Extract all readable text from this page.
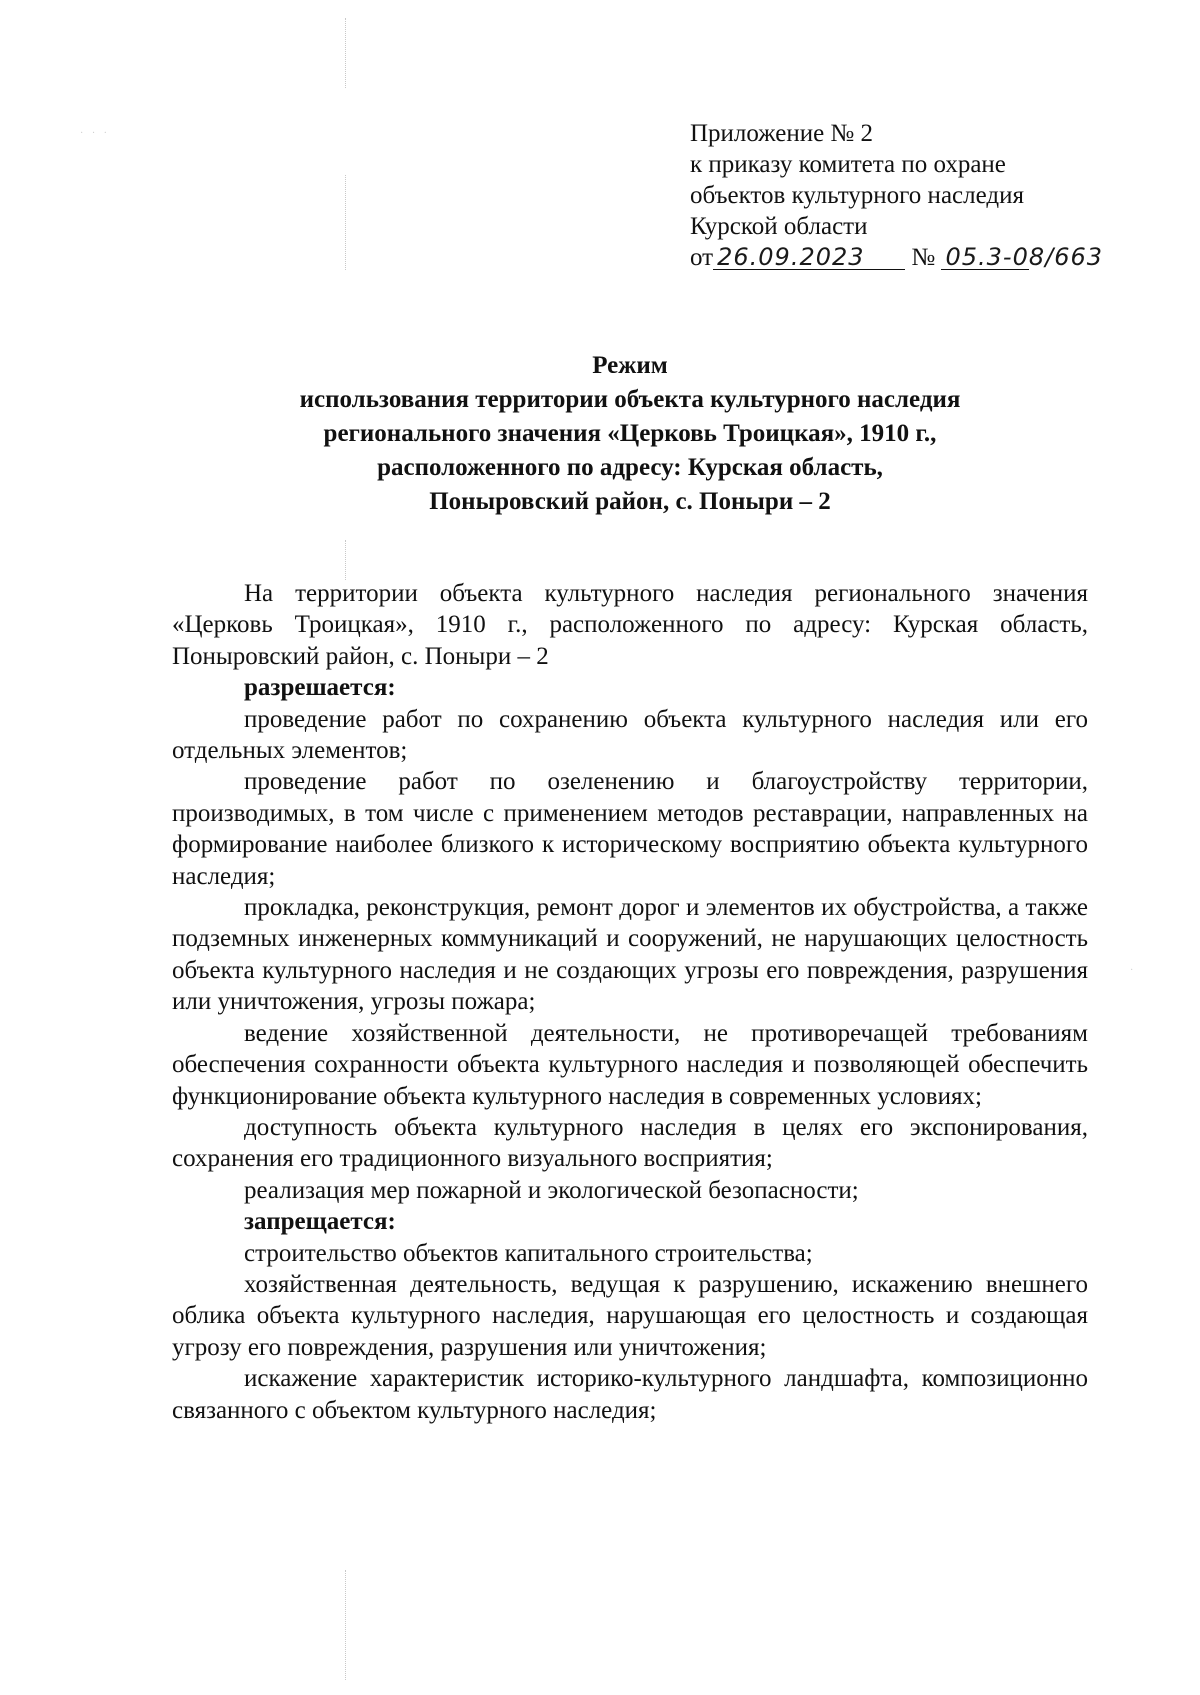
· · ·
·
Приложение № 2
к приказу комитета по охране
объектов культурного наследия
Курской области
от 26.09.2023 № 05.3-08/663
Режим
использования территории объекта культурного наследия
регионального значения «Церковь Троицкая», 1910 г.,
расположенного по адресу: Курская область,
Поныровский район, с. Поныри – 2

На территории объекта культурного наследия регионального значения «Церковь Троицкая», 1910 г., расположенного по адресу: Курская область, Поныровский район, с. Поныри – 2

разрешается:

проведение работ по сохранению объекта культурного наследия или его отдельных элементов;

проведение работ по озеленению и благоустройству территории, производимых, в том числе с применением методов реставрации, направленных на формирование наиболее близкого к историческому восприятию объекта культурного наследия;

прокладка, реконструкция, ремонт дорог и элементов их обустройства, а также подземных инженерных коммуникаций и сооружений, не нарушающих целостность объекта культурного наследия и не создающих угрозы его повреждения, разрушения или уничтожения, угрозы пожара;

ведение хозяйственной деятельности, не противоречащей требованиям обеспечения сохранности объекта культурного наследия и позволяющей обеспечить функционирование объекта культурного наследия в современных условиях;

доступность объекта культурного наследия в целях его экспонирования, сохранения его традиционного визуального восприятия;

реализация мер пожарной и экологической безопасности;

запрещается:

строительство объектов капитального строительства;

хозяйственная деятельность, ведущая к разрушению, искажению внешнего облика объекта культурного наследия, нарушающая его целостность и создающая угрозу его повреждения, разрушения или уничтожения;

искажение характеристик историко-культурного ландшафта, композиционно связанного с объектом культурного наследия;
